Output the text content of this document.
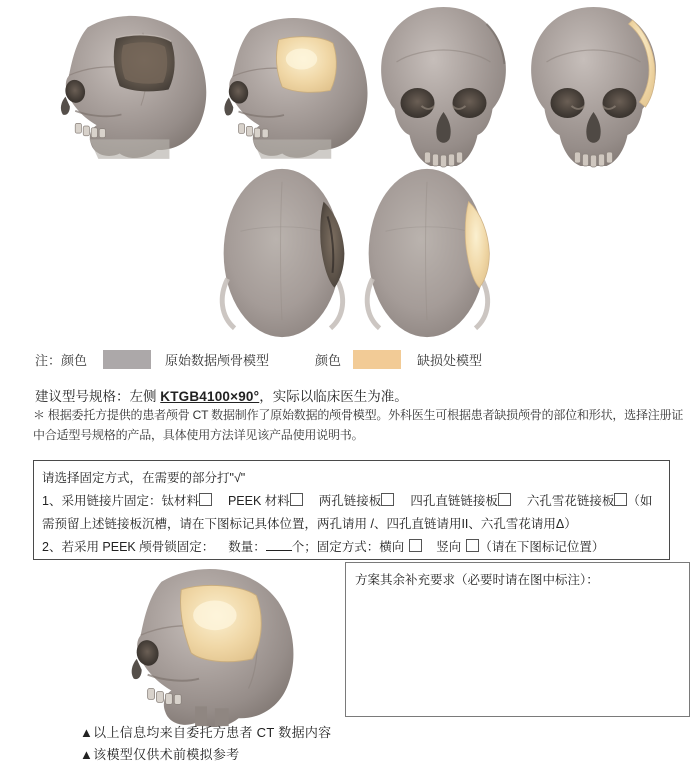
注：颜色	原始数据颅骨模型	颜色	缺损处模型
建议型号规格：左侧 KTGB4100×90°，实际以临床医生为准。
＊ 根据委托方提供的患者颅骨 CT 数据制作了原始数据的颅骨模型。外科医生可根据患者缺损颅骨的部位和形状，选择注册证中合适型号规格的产品，具体使用方法详见该产品使用说明书。
请选择固定方式，在需要的部分打"√"
1、采用链接片固定：钛材料 PEEK 材料 两孔链接板 四孔直链链接板 六孔雪花链接板 （如需预留上述链接板沉槽，请在下图标记具体位置，两孔请用 /、四孔直链请用II、六孔雪花请用Δ）
2、若采用 PEEK 颅骨锁固定： 数量： 个；固定方式：横向	竖向 （请在下图标记位置）
方案其余补充要求（必要时请在图中标注）：
▲以上信息均来自委托方患者 CT 数据内容
▲该模型仅供术前模拟参考
